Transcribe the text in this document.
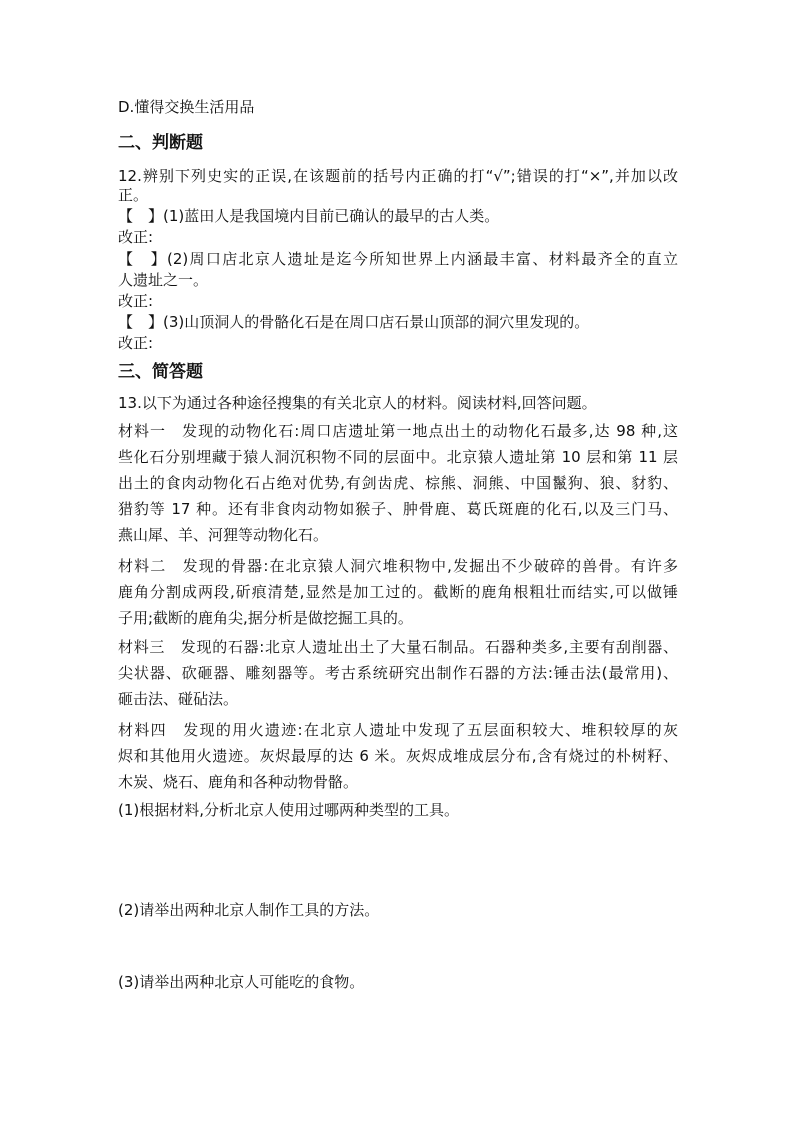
D.懂得交换生活用品
二、判断题
12.辨别下列史实的正误,在该题前的括号内正确的打“√”;错误的打“×”,并加以改
正。
【　】(1)蓝田人是我国境内目前已确认的最早的古人类。
改正:
【　】(2)周口店北京人遗址是迄今所知世界上内涵最丰富、材料最齐全的直立
人遗址之一。
改正:
【　】(3)山顶洞人的骨骼化石是在周口店石景山顶部的洞穴里发现的。
改正:
三、简答题
13.以下为通过各种途径搜集的有关北京人的材料。阅读材料,回答问题。
材料一　发现的动物化石:周口店遗址第一地点出土的动物化石最多,达 98 种,这
些化石分别埋藏于猿人洞沉积物不同的层面中。北京猿人遗址第 10 层和第 11 层
出土的食肉动物化石占绝对优势,有剑齿虎、棕熊、洞熊、中国鬣狗、狼、豺豹、
猎豹等 17 种。还有非食肉动物如猴子、肿骨鹿、葛氏斑鹿的化石,以及三门马、
燕山犀、羊、河狸等动物化石。
材料二　发现的骨器:在北京猿人洞穴堆积物中,发掘出不少破碎的兽骨。有许多
鹿角分割成两段,斫痕清楚,显然是加工过的。截断的鹿角根粗壮而结实,可以做锤
子用;截断的鹿角尖,据分析是做挖掘工具的。
材料三　发现的石器:北京人遗址出土了大量石制品。石器种类多,主要有刮削器、
尖状器、砍砸器、雕刻器等。考古系统研究出制作石器的方法:锤击法(最常用)、
砸击法、碰砧法。
材料四　发现的用火遗迹:在北京人遗址中发现了五层面积较大、堆积较厚的灰
烬和其他用火遗迹。灰烬最厚的达 6 米。灰烬成堆成层分布,含有烧过的朴树籽、
木炭、烧石、鹿角和各种动物骨骼。
(1)根据材料,分析北京人使用过哪两种类型的工具。
(2)请举出两种北京人制作工具的方法。
(3)请举出两种北京人可能吃的食物。
